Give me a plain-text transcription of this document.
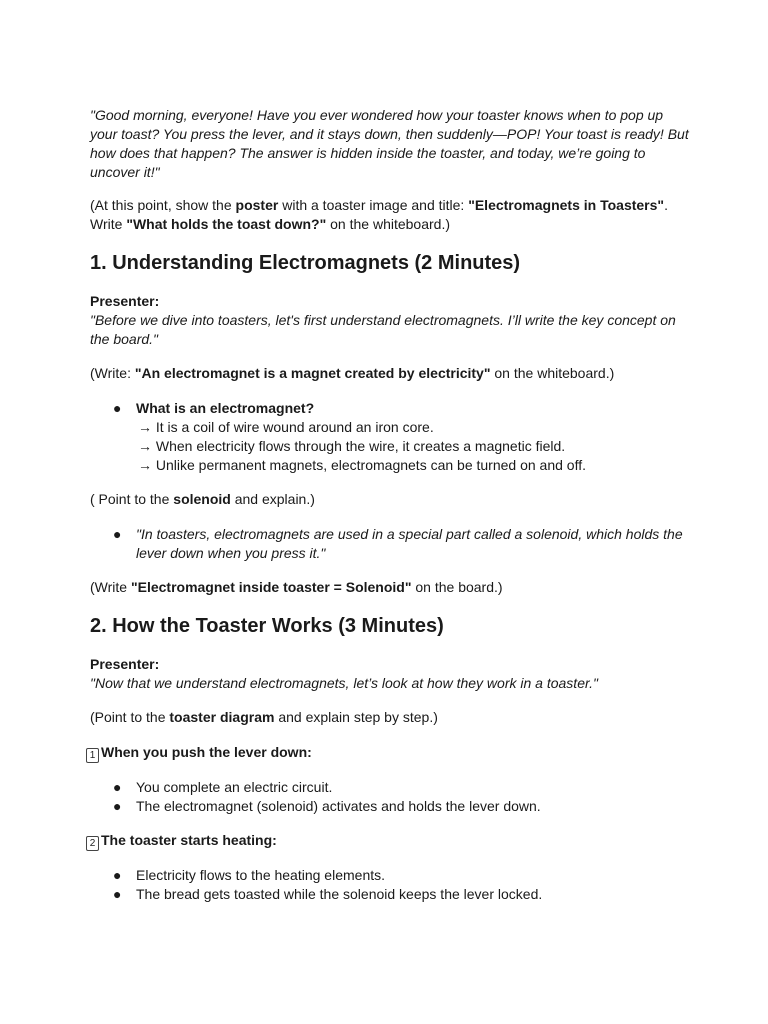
"Good morning, everyone! Have you ever wondered how your toaster knows when to pop up your toast? You press the lever, and it stays down, then suddenly—POP! Your toast is ready! But how does that happen? The answer is hidden inside the toaster, and today, we’re going to uncover it!"

(At this point, show the poster with a toaster image and title: "Electromagnets in Toasters". Write "What holds the toast down?" on the whiteboard.)

1. Understanding Electromagnets (2 Minutes)

Presenter:

"Before we dive into toasters, let's first understand electromagnets. I’ll write the key concept on the board."

(Write: "An electromagnet is a magnet created by electricity" on the whiteboard.)

● What is an electromagnet?
→ It is a coil of wire wound around an iron core.
→ When electricity flows through the wire, it creates a magnetic field.
→ Unlike permanent magnets, electromagnets can be turned on and off.

( Point to the solenoid and explain.)

● "In toasters, electromagnets are used in a special part called a solenoid, which holds the lever down when you press it."

(Write "Electromagnet inside toaster = Solenoid" on the board.)

2. How the Toaster Works (3 Minutes)

Presenter:

"Now that we understand electromagnets, let’s look at how they work in a toaster."

(Point to the toaster diagram and explain step by step.)

1 When you push the lever down:

● You complete an electric circuit.
● The electromagnet (solenoid) activates and holds the lever down.

2 The toaster starts heating:

● Electricity flows to the heating elements.
● The bread gets toasted while the solenoid keeps the lever locked.
